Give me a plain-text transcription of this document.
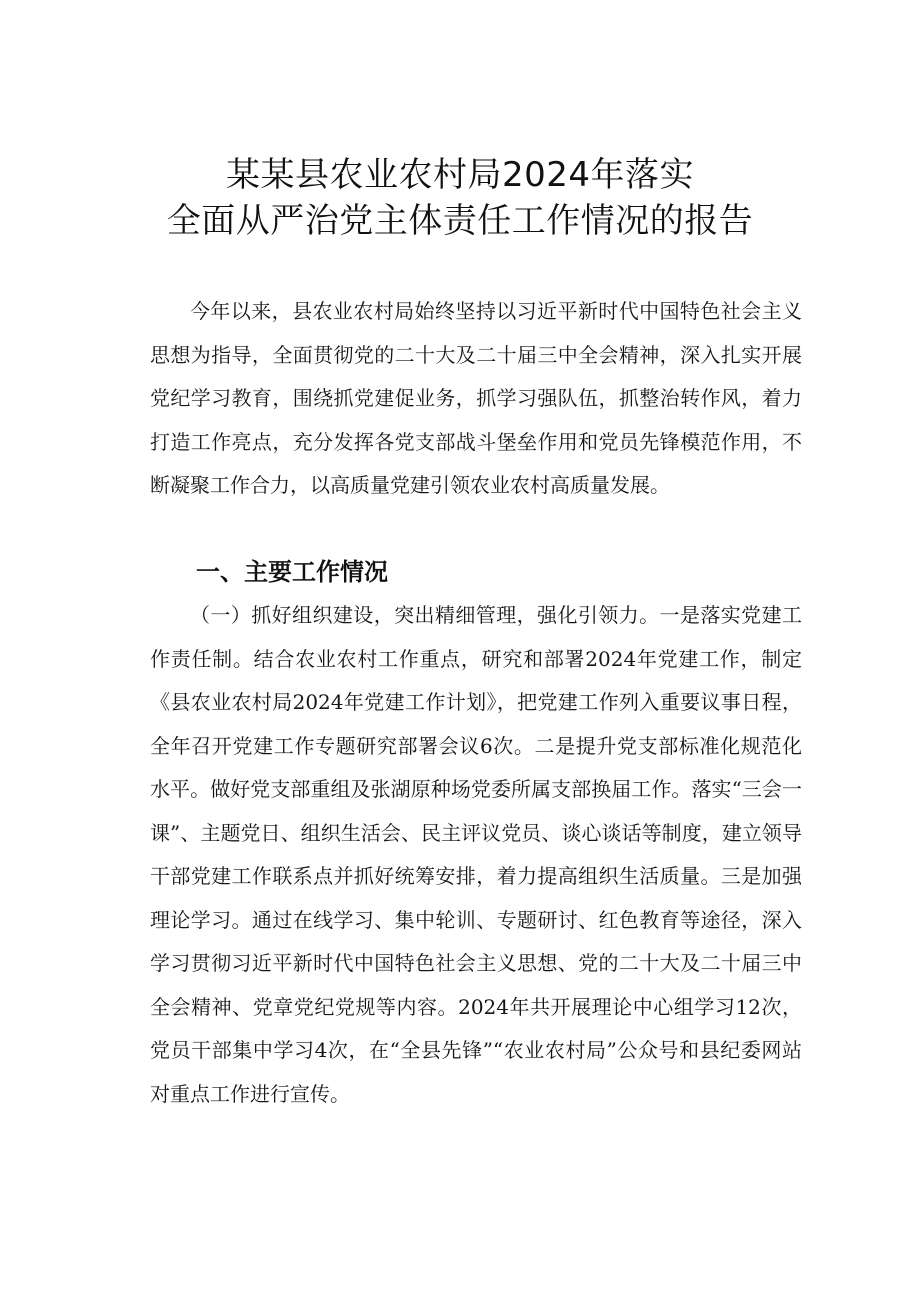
某某县农业农村局2024年落实
全面从严治党主体责任工作情况的报告

今年以来，县农业农村局始终坚持以习近平新时代中国特色社会主义思想为指导，全面贯彻党的二十大及二十届三中全会精神，深入扎实开展党纪学习教育，围绕抓党建促业务，抓学习强队伍，抓整治转作风，着力打造工作亮点，充分发挥各党支部战斗堡垒作用和党员先锋模范作用，不断凝聚工作合力，以高质量党建引领农业农村高质量发展。

一、主要工作情况

（一）抓好组织建设，突出精细管理，强化引领力。一是落实党建工作责任制。结合农业农村工作重点，研究和部署2024年党建工作，制定《县农业农村局2024年党建工作计划》，把党建工作列入重要议事日程，全年召开党建工作专题研究部署会议6次。二是提升党支部标准化规范化水平。做好党支部重组及张湖原种场党委所属支部换届工作。落实“三会一课”、主题党日、组织生活会、民主评议党员、谈心谈话等制度，建立领导干部党建工作联系点并抓好统筹安排，着力提高组织生活质量。三是加强理论学习。通过在线学习、集中轮训、专题研讨、红色教育等途径，深入学习贯彻习近平新时代中国特色社会主义思想、党的二十大及二十届三中全会精神、党章党纪党规等内容。2024年共开展理论中心组学习12次，党员干部集中学习4次，在“全县先锋”“农业农村局”公众号和县纪委网站对重点工作进行宣传。
